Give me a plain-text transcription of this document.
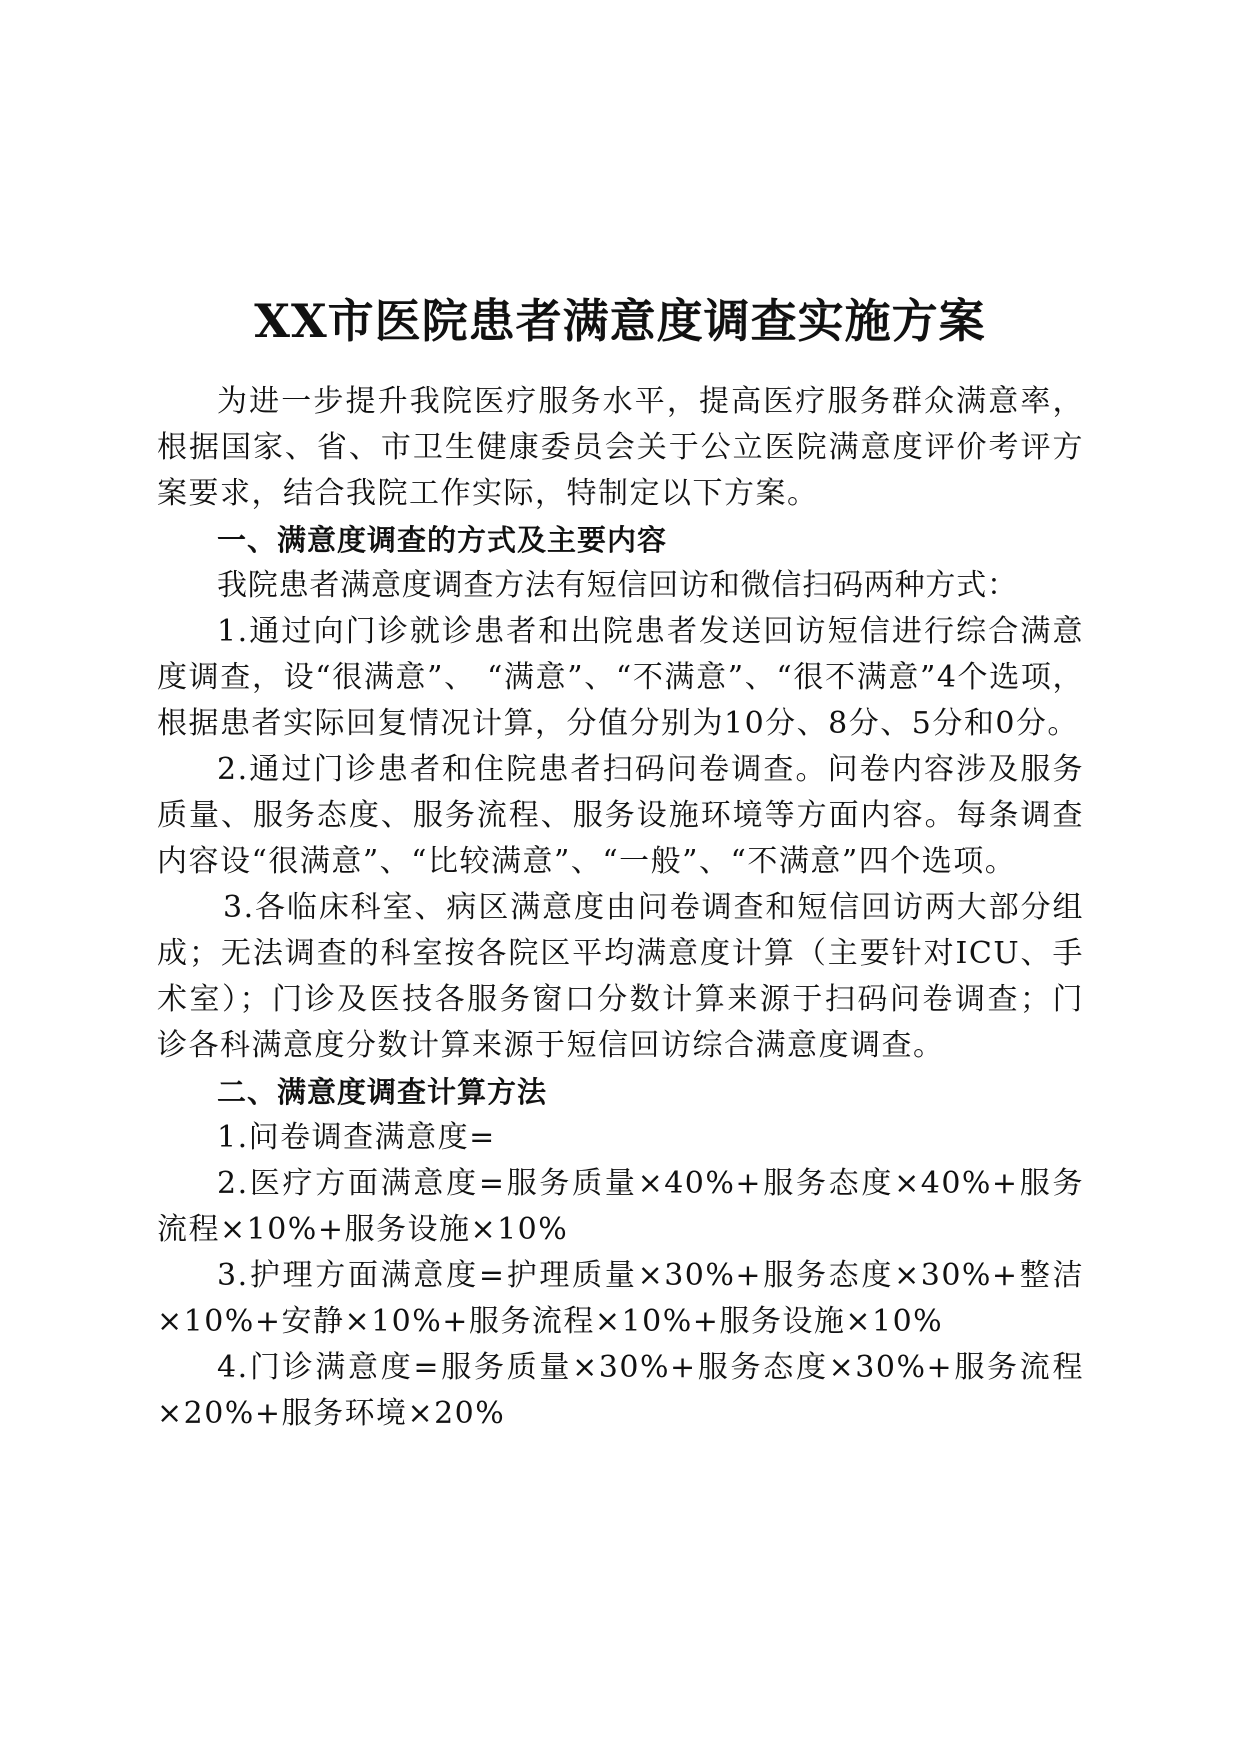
XX市医院患者满意度调查实施方案

为进一步提升我院医疗服务水平，提高医疗服务群众满意率，根据国家、省、市卫生健康委员会关于公立医院满意度评价考评方案要求，结合我院工作实际，特制定以下方案。

一、满意度调查的方式及主要内容

我院患者满意度调查方法有短信回访和微信扫码两种方式：

1.通过向门诊就诊患者和出院患者发送回访短信进行综合满意度调查，设“很满意”、 “满意”、“不满意”、“很不满意”4个选项，根据患者实际回复情况计算，分值分别为10分、8分、5分和0分。

2.通过门诊患者和住院患者扫码问卷调查。问卷内容涉及服务质量、服务态度、服务流程、服务设施环境等方面内容。每条调查内容设“很满意”、“比较满意”、“一般”、“不满意”四个选项。

3.各临床科室、病区满意度由问卷调查和短信回访两大部分组成；无法调查的科室按各院区平均满意度计算（主要针对ICU、手术室）；门诊及医技各服务窗口分数计算来源于扫码问卷调查；门诊各科满意度分数计算来源于短信回访综合满意度调查。

二、满意度调查计算方法

1.问卷调查满意度=

2.医疗方面满意度=服务质量×40%+服务态度×40%+服务流程×10%+服务设施×10%

3.护理方面满意度=护理质量×30%+服务态度×30%+整洁×10%+安静×10%+服务流程×10%+服务设施×10%

4.门诊满意度=服务质量×30%+服务态度×30%+服务流程×20%+服务环境×20%
